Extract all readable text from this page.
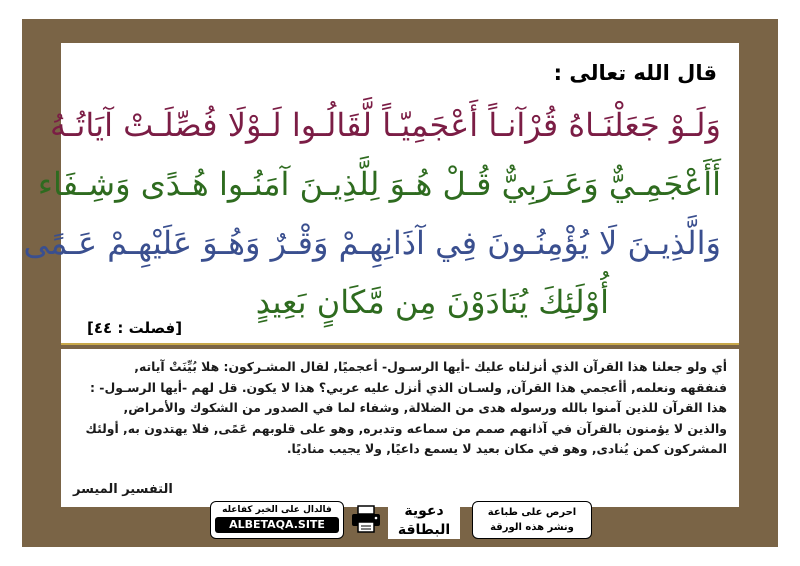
قال الله تعالى :
وَلَـوْ جَعَلْنَـاهُ قُرْآنـاً أَعْجَمِيّـاً لَّقَالُـوا لَـوْلَا فُصِّلَـتْ آيَاتُـهُ
أَأَعْجَمِـيٌّ وَعَـرَبِيٌّ قُـلْ هُـوَ لِلَّذِيـنَ آمَنُـوا هُـدًى وَشِـفَاء
وَالَّذِيـنَ لَا يُؤْمِنُـونَ فِي آذَانِهِـمْ وَقْـرٌ وَهُـوَ عَلَيْهِـمْ عَـمًى
أُوْلَئِكَ يُنَادَوْنَ مِن مَّكَانٍ بَعِيدٍ
[فصلت : ٤٤]
أي ولو جعلنا هذا القرآن الذي أنزلناه عليك -أيها الرسـول- أعجميًا, لقال المشـركون: هلا بُيِّنَتْ آياته,
فنفقهه ونعلمه, أأعجمي هذا القرآن, ولسـان الذي أنزل عليه عربي؟ هذا لا يكون. قل لهم -أيها الرسـول- :
هذا القرآن للذين آمنوا بالله ورسوله هدى من الضلالة, وشفاء لما في الصدور من الشكوك والأمراض,
والذين لا يؤمنون بالقرآن في آذانهم صمم من سماعه وتدبره, وهو على قلوبهم عَمًى, فلا يهتدون به, أولئك
المشركون كمن يُنادى, وهو في مكان بعيد لا يسمع داعيًا, ولا يجيب مناديًا.
التفسير الميسر
فالدال على الخير كفاعله
ALBETAQA.SITE
دعوية
البطاقة
احرص على طباعة
ونشر هذه الورقة
